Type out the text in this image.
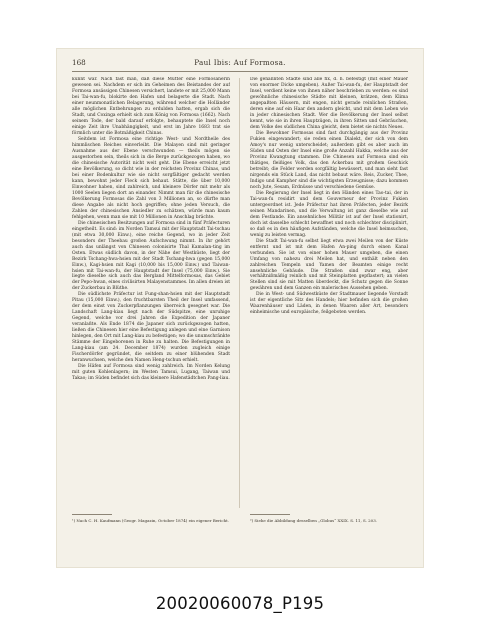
168	Paul Ibis: Auf Formosa.

kunnt war. Nach fast man, daß diese Mutter eine Formosanerin gewesen sei. Nachdem er sich im Geheimen des Beistandes der auf Formosa ansässigen Chinesen versichert, landete er mit 25,000 Mann bei Tai-wan-fu, blokirte den Hafen und belagerte die Stadt. Nach einer neunmonatlichen Belagerung, während welcher die Holländer alle möglichen Entbehrungen zu erdulden hatten, ergab sich die Stadt, und Coxinga erhielt sich zum König von Formosa (1662). Nach seinem Tode, der bald darauf erfolgte, behauptete die Insel noch einige Zeit ihre Unabhängigkeit, und erst im Jahre 1683 trat sie förmlich unter die Botmäßigkeit Chinas.

Seitdem ist Formosa eine richtige West- und Nordtheile des himmlischen Reiches einverleibt. Die Malayen sind mit geringer Ausnahme aus der Ebene verschwunden — theils mögen sie ausgestorben sein, theils sich in die Berge zurückgezogen haben, wo die chinesische Autorität nicht weit geht. Die Ebene erreicht jetzt eine Bevölkerung, so dicht wie in der reichsten Provinz Chinas, und bei einer Bodenkultur wie sie nicht sorgfältiger gedacht werden kann, bewohnt jeder Fleck sich behaut. Stätte, die über 10,000 Einwohner haben, sind zahlreich, und kleinere Dörfer mit mehr als 1000 Seelen liegen dort an einander. Nimmt man für die chinesische Bevölkerung Formosas die Zahl von 3 Millionen an, so dürfte man diese Angabe als nicht hoch gegriffen; ohne jeden Versuch, die Zahlen der chinesischen Ansiedler zu schätzen, würde man kaum fehlgehen, wenn man sie mit 10 Millionen in Anschlag brächte.

Die chinesischen Besitzungen auf Formosa sind in fünf Präfecturen eingetheilt. Es sind: im Norden Tamsui mit der Hauptstadt Tai-tschau (mit etwa 30,000 Einw.), eine reiche Gegend, wo in jeder Zeit besonders der Theebau großen Aufschwung nimmt. In ihr gehört auch das unlängst von Chinesen colonisirte Thal Kamalan-ting im Osten. Etwas südlich davon, in der Nähe der Westküste, liegt der Bezirk Tschang-hwa-hsien mit der Stadt Tschang-hwa (gegen 15,000 Einw.), Kagi-hsien mit Kagi (10,000 bis 15,000 Einw.) und Taiwan-hsien mit Tai-wan-fu, der Hauptstadt der Insel (75,000 Einw.). Sie liegte dieselbe sich auch das Bergland Mittelformosas, das Gebiet der Pepo-hwan, eines civilisirten Malayenstammes. Im allen dreien ist der Zuckerbau in Blüthe.

Die südlichste Präfectur ist Fung-shan-hsien mit der Hauptstadt Pitau (15,000 Einw.), den fruchtbarsten Theil der Insel umfassend, der dem einst von Zuckerpflanzungen überreich gesegnet war. Die Landschaft Lang-kiau liegt nach der Südspitze, eine unruhige Gegend, welche vor drei Jahren die Expedition der Japaner veranlaßte. Als Ende 1874 die Japaner sich zurückgezogen hatten, ließen die Chinesen hier eine Befestigung anlegen und eine Garnison hinlegen, den Ort mit Lang-kiau zu befestigen; wo die unumschränkte Stämme der Eingeborenen in Ruhe zu halten. Die Befestigungen in Lang-kiau (am 24. December 1874) wurden zugleich einige Fischerdörfer gegründet, die seitdem zu einer blühenden Stadt heranwuchsen, welche den Namen Heng-tschun erhielt.

Die Häfen auf Formosa sind wenig zahlreich. Im Norden Kelung mit guten Kohlenlagern; im Westen Tamsui, Lugang, Taiwan und Takao; im Süden befindet sich das kleinere Hafenstädtchen Pang-liau.

Die genannten Städte sind alle fix, d. h. befestigt (mit einer Mauer von enormer Dicke umgeben). Außer Tai-wan-fu, der Hauptstadt der Insel, verdient keine von ihnen näher beschrieben zu werden: es sind gewöhnliche chinesische Städte mit kleinen, krätzen, dem Klima angepaßten Häusern, mit engen, nicht gerade reinlichen Straßen, deren eine auf ein Haar den andern gleicht, und mit dem Leben wie in jeder chinesischen Stadt. Wer die Bevölkerung der Insel selbst kennt, wie sie in ihren Hauptzügen, in ihren Sitten und Gebräuchen, dem Volke des südlichen China gleicht, dem bietet sie nichts Neues.

Die Bewohner Formosas sind fast durchgängig aus der Provinz Fukien eingewandert; sie reden einen Dialekt, der sich von dem Amoy's nur wenig unterscheidet; außerdem gibt es aber auch im Süden und Osten der Insel eine große Anzahl Hakka, welche aus der Provinz Kwangtung stammen. Die Chinesen auf Formosa sind ein thätiges, fleißiges Volk, das den Ackerbau mit großem Geschick betreibt; die Felder werden sorgfältig bewässert, und man sieht fast nirgends ein Stück Land, das nicht bebaut wäre. Reis, Zucker, Thee, Indigo und Kampher sind die wichtigsten Erzeugnisse; dazu kommen noch Jute, Sesam, Erdnüsse und verschiedene Gemüse.

Die Regierung der Insel liegt in den Händen eines Tao-tai, der in Tai-wan-fu residirt und dem Gouverneur der Provinz Fukien untergeordnet ist. Jede Präfectur hat ihren Präfecten, jeder Bezirk seinen Mandarinen, und die Verwaltung ist ganz dieselbe wie auf dem Festlande. Ein ansehnliches Militär ist auf der Insel stationirt, doch ist dasselbe schlecht bewaffnet und noch schlechter disciplinirt, so daß es in den häufigen Aufständen, welche die Insel heimsuchen, wenig zu leisten vermag.

Die Stadt Tai-wan-fu selbst liegt etwa zwei Meilen von der Küste entfernt und ist mit dem Hafen An-ping durch einen Kanal verbunden. Sie ist von einer hohen Mauer umgeben, die einen Umfang von nahezu drei Meilen hat, und enthält neben den zahlreichen Tempeln und Yamen der Beamten einige recht ansehnliche Gebäude. Die Straßen sind zwar eng, aber verhältnißmäßig reinlich und mit Steinplatten gepflastert; an vielen Stellen sind sie mit Matten überdeckt, die Schutz gegen die Sonne gewähren und dem Ganzen ein malerisches Aussehen geben.

Die in West- und Südwestküste der Stadtmauer liegende Vorstadt ist der eigentliche Sitz des Handels; hier befinden sich die großen Waarenhäuser und Läden, in denen Waaren aller Art, besonders einheimische und europäische, feilgeboten werden.

¹) Nach C. H. Kaufmann (Geogr. Magazin, October 1874) ein eigener Bericht.	²) Siehe die Abbildung desselben „Globus“ XXIX. S. 11, S. 203.
20020060078_P195
